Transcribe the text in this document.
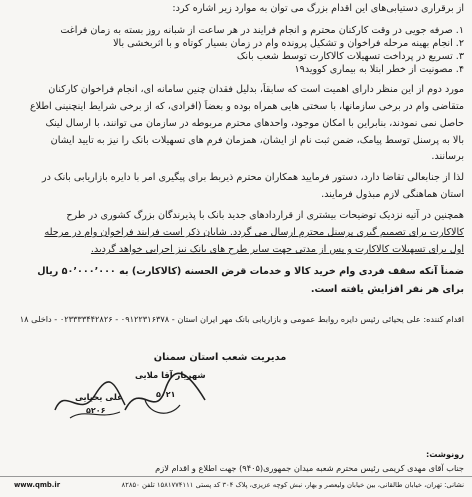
از برقراری دستیابی‌های این اقدام بزرگ می توان به موارد زیر اشاره کرد:
۱. صرفه جویی در وقت کارکنان محترم و انجام فرایند در هر ساعت از شبانه روز بسته به زمان فراغت
۲. انجام بهینه مرحله فراخوان و تشکیل پرونده وام در زمان بسیار کوتاه و با اثربخشی بالا
۳. تسریع در پرداخت تسهیلات کالاکارت توسط شعب بانک
۴. مصونیت از خطر ابتلا به بیماری کووید۱۹
مورد دوم از این منظر دارای اهمیت است که سابقاً، بدلیل فقدان چنین سامانه ای، انجام فراخوان کارکنان
متقاضی وام در برخی سازمانها، با سختی هایی همراه بوده و بعضاً (افرادی، که از برخی شرایط اینچنینی اطلاع
حاصل نمی نمودند، بنابراین با امکان موجود، واحدهای محترم مربوطه در سازمان می توانند، با ارسال لینک
بالا به پرسنل توسط پیامک، ضمن ثبت نام از ایشان، همزمان فرم های تسهیلات بانک را نیز به تایید ایشان
برسانند.
لذا از جنابعالی تقاضا دارد، دستور فرمایید همکاران محترم ذیربط برای پیگیری امر با دایره بازاریابی بانک در
استان هماهنگی لازم مبذول فرمایند.
همچنین در آتیه نزدیک توضیحات بیشتری از قراردادهای جدید بانک با پذیرندگان بزرگ کشوری در طرح
کالاکارت برای تصمیم گیری پرسنل محترم ارسال می گردد. شایان ذکر است فرایند فراخوان وام در مرحله
اول برای تسهیلات کالاکارت و پس از مدتی جهت سایر طرح های بانک نیز اجرایی خواهد گردید.
ضمناً آنکه سقف فردی وام خرید کالا و خدمات قرض الحسنه (کالاکارت) به ۵۰٬۰۰۰٬۰۰۰ ریال
برای هر نفر افزایش یافته است.
اقدام کننده: علی یحیائی رئیس دایره روابط عمومی و بازاریابی بانک مهر ایران استان - ۰۹۱۲۲۳۱۶۳۷۸ - ۰۲۳۳۳۳۴۴۲۸۲۶ - داخلی ۱۸
مدیریت شعب استان سمنان
شهریار آقا ملایی
۵۰۲۱
علی یحیایی
۵۲۰۶
رونوشت:
جناب آقای مهدی کریمی رئیس محترم شعبه میدان جمهوری(۹۴۰۵) جهت اطلاع و اقدام لازم
نشانی: تهران، خیابان طالقانی، بین خیابان ولیعصر و بهار، نبش کوچه عزیزی، پلاک ۳۰۴ کد پستی ۱۵۸۱۷۷۴۱۱۱ تلفن ۸۲۸۵۰
www.qmb.ir
